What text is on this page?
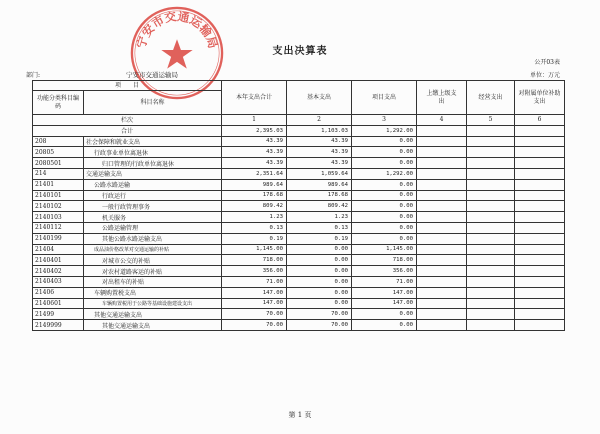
宁安市交通运输局
支出决算表
公开03表
部门:	宁安市交通运输局	单位：万元
项　　目		本年支出合计	基本支出	项目支出	上缴上级支出	经营支出	对附属单位补助支出
功能分类科目编码	科目名称						
栏次		1	2	3	4	5	6
合计		2,395.03	1,103.03	1,292.00			
208	社会保障和就业支出	43.39	43.39	0.00			
20805	行政事业单位离退休	43.39	43.39	0.00			
2080501	归口管理的行政单位离退休	43.39	43.39	0.00			
214	交通运输支出	2,351.64	1,059.64	1,292.00			
21401	公路水路运输	989.64	989.64	0.00			
2140101	行政运行	178.68	178.68	0.00			
2140102	一般行政管理事务	809.42	809.42	0.00			
2140103	机关服务	1.23	1.23	0.00			
2140112	公路运输管理	0.13	0.13	0.00			
2140199	其他公路水路运输支出	0.19	0.19	0.00			
21404	成品油价格改革对交通运输的补贴	1,145.00	0.00	1,145.00			
2140401	对城市公交的补贴	718.00	0.00	718.00			
2140402	对农村道路客运的补贴	356.00	0.00	356.00			
2140403	对出租车的补贴	71.00	0.00	71.00			
21406	车辆购置税支出	147.00	0.00	147.00			
2140601	车辆购置税用于公路等基础设施建设支出	147.00	0.00	147.00			
21499	其他交通运输支出	70.00	70.00	0.00			
2149999	其他交通运输支出	70.00	70.00	0.00			
第 1 页
